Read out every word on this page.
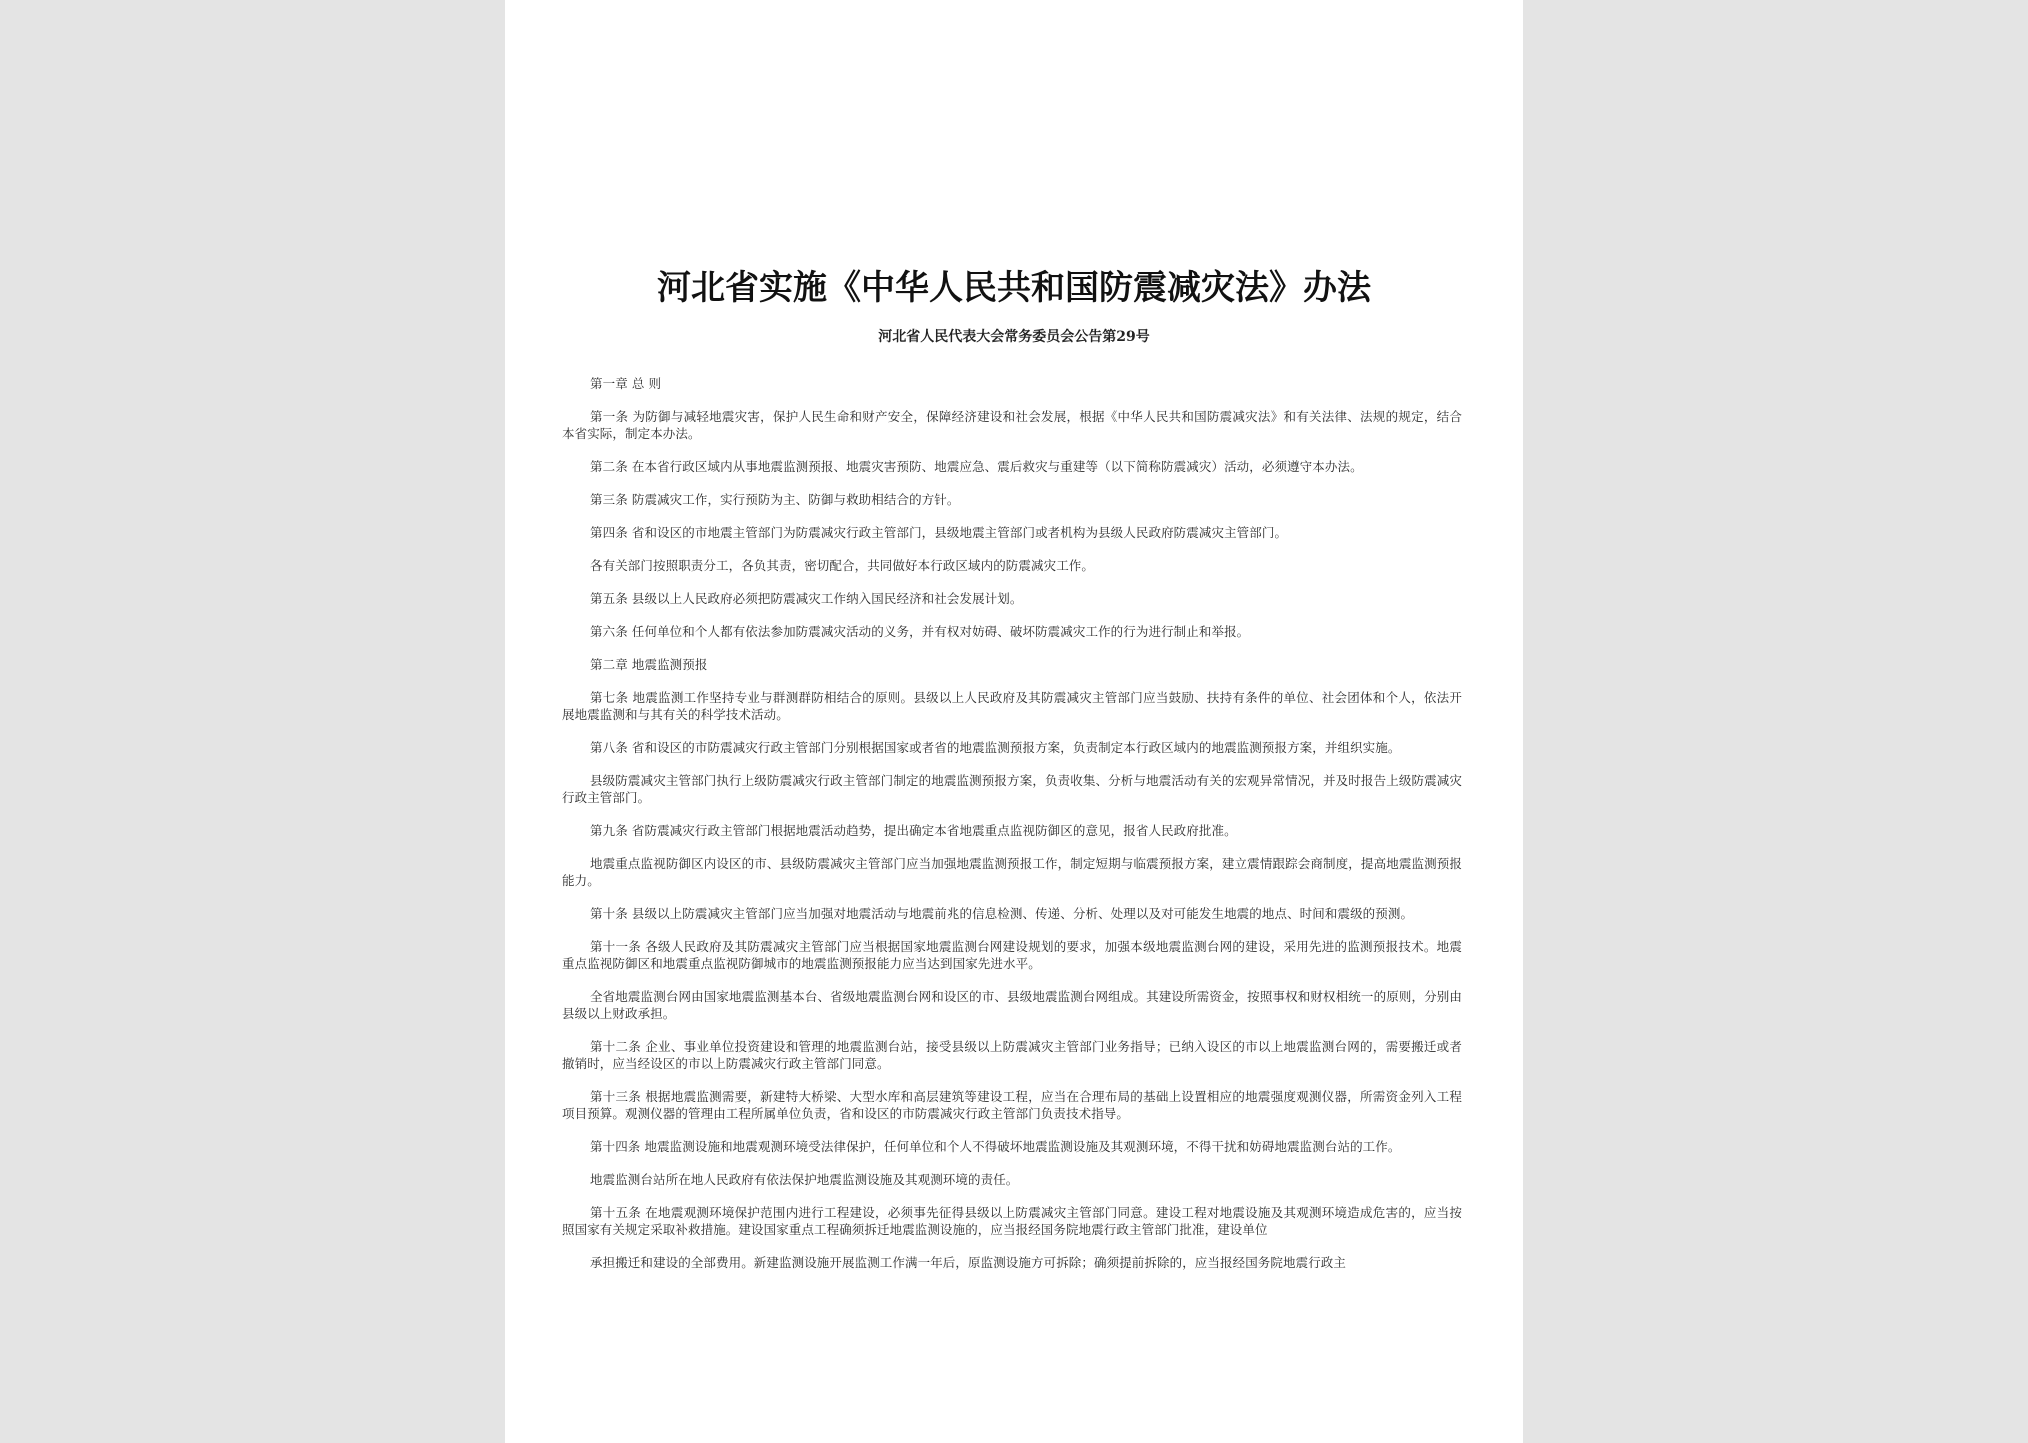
河北省实施《中华人民共和国防震减灾法》办法
河北省人民代表大会常务委员会公告第29号

第一章 总 则

第一条 为防御与减轻地震灾害，保护人民生命和财产安全，保障经济建设和社会发展，根据《中华人民共和国防震减灾法》和有关法律、法规的规定，结合本省实际，制定本办法。

第二条 在本省行政区域内从事地震监测预报、地震灾害预防、地震应急、震后救灾与重建等（以下简称防震减灾）活动，必须遵守本办法。

第三条 防震减灾工作，实行预防为主、防御与救助相结合的方针。

第四条 省和设区的市地震主管部门为防震减灾行政主管部门，县级地震主管部门或者机构为县级人民政府防震减灾主管部门。

各有关部门按照职责分工，各负其责，密切配合，共同做好本行政区域内的防震减灾工作。

第五条 县级以上人民政府必须把防震减灾工作纳入国民经济和社会发展计划。

第六条 任何单位和个人都有依法参加防震减灾活动的义务，并有权对妨碍、破坏防震减灾工作的行为进行制止和举报。

第二章 地震监测预报

第七条 地震监测工作坚持专业与群测群防相结合的原则。县级以上人民政府及其防震减灾主管部门应当鼓励、扶持有条件的单位、社会团体和个人，依法开展地震监测和与其有关的科学技术活动。

第八条 省和设区的市防震减灾行政主管部门分别根据国家或者省的地震监测预报方案，负责制定本行政区域内的地震监测预报方案，并组织实施。

县级防震减灾主管部门执行上级防震减灾行政主管部门制定的地震监测预报方案，负责收集、分析与地震活动有关的宏观异常情况，并及时报告上级防震减灾行政主管部门。

第九条 省防震减灾行政主管部门根据地震活动趋势，提出确定本省地震重点监视防御区的意见，报省人民政府批准。

地震重点监视防御区内设区的市、县级防震减灾主管部门应当加强地震监测预报工作，制定短期与临震预报方案，建立震情跟踪会商制度，提高地震监测预报能力。

第十条 县级以上防震减灾主管部门应当加强对地震活动与地震前兆的信息检测、传递、分析、处理以及对可能发生地震的地点、时间和震级的预测。

第十一条 各级人民政府及其防震减灾主管部门应当根据国家地震监测台网建设规划的要求，加强本级地震监测台网的建设，采用先进的监测预报技术。地震重点监视防御区和地震重点监视防御城市的地震监测预报能力应当达到国家先进水平。

全省地震监测台网由国家地震监测基本台、省级地震监测台网和设区的市、县级地震监测台网组成。其建设所需资金，按照事权和财权相统一的原则，分别由县级以上财政承担。

第十二条 企业、事业单位投资建设和管理的地震监测台站，接受县级以上防震减灾主管部门业务指导；已纳入设区的市以上地震监测台网的，需要搬迁或者撤销时，应当经设区的市以上防震减灾行政主管部门同意。

第十三条 根据地震监测需要，新建特大桥梁、大型水库和高层建筑等建设工程，应当在合理布局的基础上设置相应的地震强度观测仪器，所需资金列入工程项目预算。观测仪器的管理由工程所属单位负责，省和设区的市防震减灾行政主管部门负责技术指导。

第十四条 地震监测设施和地震观测环境受法律保护，任何单位和个人不得破坏地震监测设施及其观测环境，不得干扰和妨碍地震监测台站的工作。

地震监测台站所在地人民政府有依法保护地震监测设施及其观测环境的责任。

第十五条 在地震观测环境保护范围内进行工程建设，必须事先征得县级以上防震减灾主管部门同意。建设工程对地震设施及其观测环境造成危害的，应当按照国家有关规定采取补救措施。建设国家重点工程确须拆迁地震监测设施的，应当报经国务院地震行政主管部门批准，建设单位

承担搬迁和建设的全部费用。新建监测设施开展监测工作满一年后，原监测设施方可拆除；确须提前拆除的，应当报经国务院地震行政主
